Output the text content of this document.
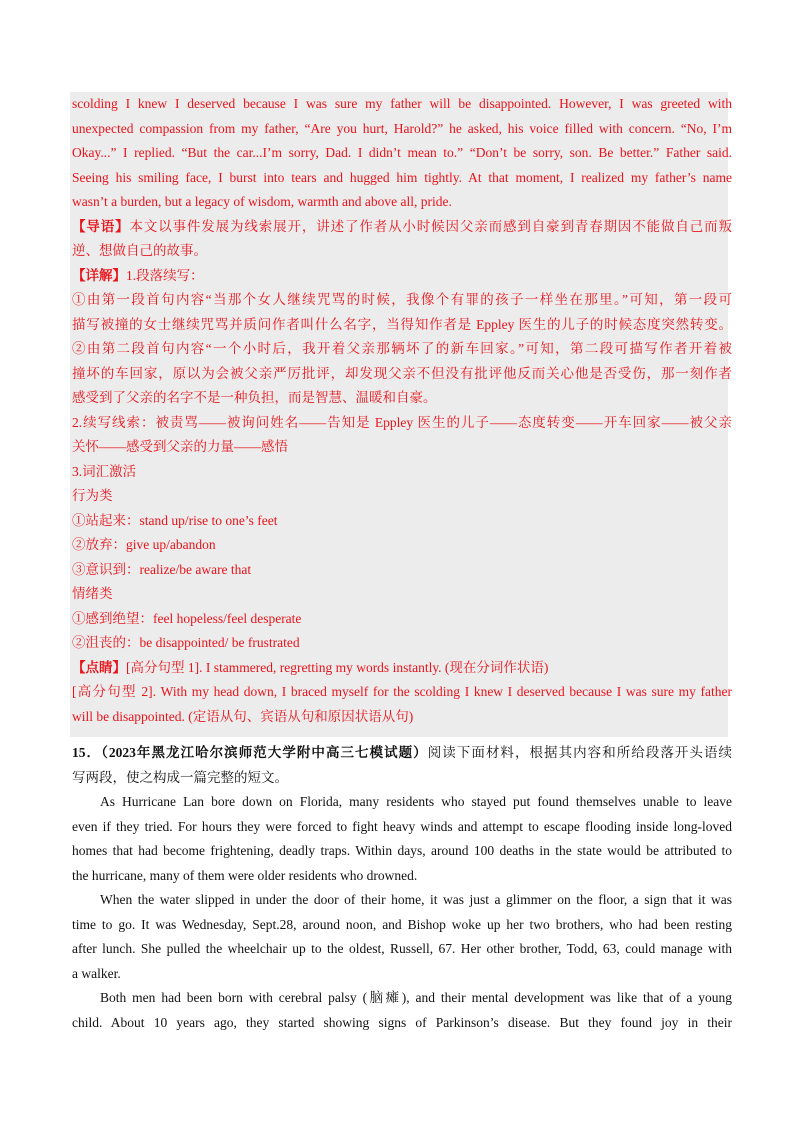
scolding I knew I deserved because I was sure my father will be disappointed. However, I was greeted with
unexpected compassion from my father, “Are you hurt, Harold?” he asked, his voice filled with concern. “No, I’m
Okay...” I replied. “But the car...I’m sorry, Dad. I didn’t mean to.” “Don’t be sorry, son. Be better.” Father said.
Seeing his smiling face, I burst into tears and hugged him tightly. At that moment, I realized my father’s name
wasn’t a burden, but a legacy of wisdom, warmth and above all, pride.
【导语】本文以事件发展为线索展开，讲述了作者从小时候因父亲而感到自豪到青春期因不能做自己而叛
逆、想做自己的故事。
【详解】1.段落续写：
①由第一段首句内容“当那个女人继续咒骂的时候，我像个有罪的孩子一样坐在那里。”可知，第一段可
描写被撞的女士继续咒骂并质问作者叫什么名字，当得知作者是 Eppley 医生的儿子的时候态度突然转变。
②由第二段首句内容“一个小时后，我开着父亲那辆坏了的新车回家。”可知，第二段可描写作者开着被
撞坏的车回家，原以为会被父亲严厉批评，却发现父亲不但没有批评他反而关心他是否受伤，那一刻作者
感受到了父亲的名字不是一种负担，而是智慧、温暖和自豪。
2.续写线索：被责骂——被询问姓名——告知是 Eppley 医生的儿子——态度转变——开车回家——被父亲
关怀——感受到父亲的力量——感悟
3.词汇激活
行为类
①站起来：stand up/rise to one’s feet
②放弃：give up/abandon
③意识到：realize/be aware that
情绪类
①感到绝望：feel hopeless/feel desperate
②沮丧的：be disappointed/ be frustrated
【点睛】[高分句型 1]. I stammered, regretting my words instantly. (现在分词作状语)
[高分句型 2]. With my head down, I braced myself for the scolding I knew I deserved because I was sure my father
will be disappointed. (定语从句、宾语从句和原因状语从句)
15．（2023年黑龙江哈尔滨师范大学附中高三七模试题）阅读下面材料，根据其内容和所给段落开头语续
写两段，使之构成一篇完整的短文。
As Hurricane Lan bore down on Florida, many residents who stayed put found themselves unable to leave
even if they tried. For hours they were forced to fight heavy winds and attempt to escape flooding inside long-loved
homes that had become frightening, deadly traps. Within days, around 100 deaths in the state would be attributed to
the hurricane, many of them were older residents who drowned.
When the water slipped in under the door of their home, it was just a glimmer on the floor, a sign that it was
time to go. It was Wednesday, Sept.28, around noon, and Bishop woke up her two brothers, who had been resting
after lunch. She pulled the wheelchair up to the oldest, Russell, 67. Her other brother, Todd, 63, could manage with
a walker.
Both men had been born with cerebral palsy (脑瘫), and their mental development was like that of a young
child. About 10 years ago, they started showing signs of Parkinson’s disease. But they found joy in their
